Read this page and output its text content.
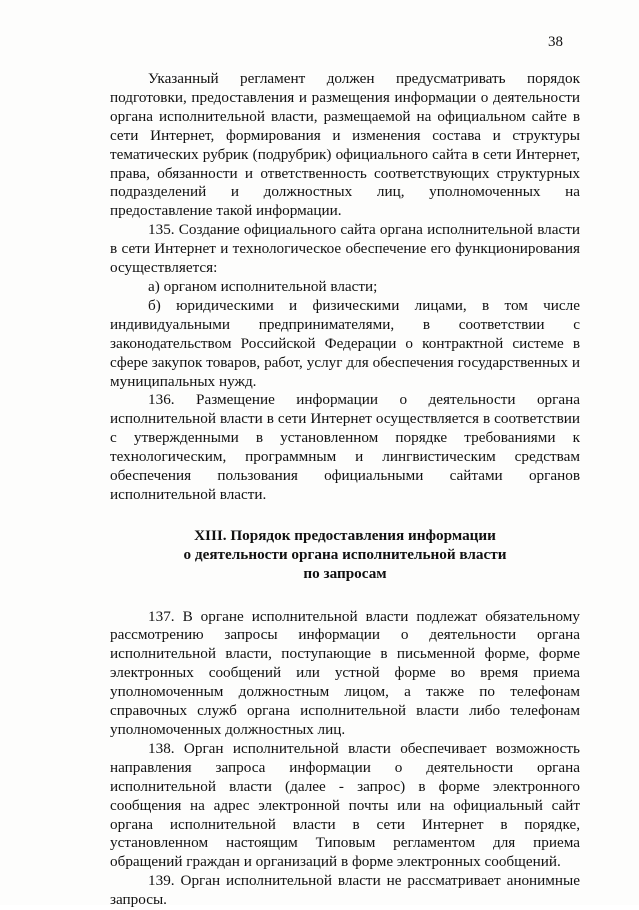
38

Указанный регламент должен предусматривать порядок подготовки, предоставления и размещения информации о деятельности органа исполнительной власти, размещаемой на официальном сайте в сети Интернет, формирования и изменения состава и структуры тематических рубрик (подрубрик) официального сайта в сети Интернет, права, обязанности и ответственность соответствующих структурных подразделений и должностных лиц, уполномоченных на предоставление такой информации.

135. Создание официального сайта органа исполнительной власти в сети Интернет и технологическое обеспечение его функционирования осуществляется:

а) органом исполнительной власти;

б) юридическими и физическими лицами, в том числе индивидуальными предпринимателями, в соответствии с законодательством Российской Федерации о контрактной системе в сфере закупок товаров, работ, услуг для обеспечения государственных и муниципальных нужд.

136. Размещение информации о деятельности органа исполнительной власти в сети Интернет осуществляется в соответствии с утвержденными в установленном порядке требованиями к технологическим, программным и лингвистическим средствам обеспечения пользования официальными сайтами органов исполнительной власти.

XIII. Порядок предоставления информации
о деятельности органа исполнительной власти
по запросам

137. В органе исполнительной власти подлежат обязательному рассмотрению запросы информации о деятельности органа исполнительной власти, поступающие в письменной форме, форме электронных сообщений или устной форме во время приема уполномоченным должностным лицом, а также по телефонам справочных служб органа исполнительной власти либо телефонам уполномоченных должностных лиц.

138. Орган исполнительной власти обеспечивает возможность направления запроса информации о деятельности органа исполнительной власти (далее - запрос) в форме электронного сообщения на адрес электронной почты или на официальный сайт органа исполнительной власти в сети Интернет в порядке, установленном настоящим Типовым регламентом для приема обращений граждан и организаций в форме электронных сообщений.

139. Орган исполнительной власти не рассматривает анонимные запросы.
